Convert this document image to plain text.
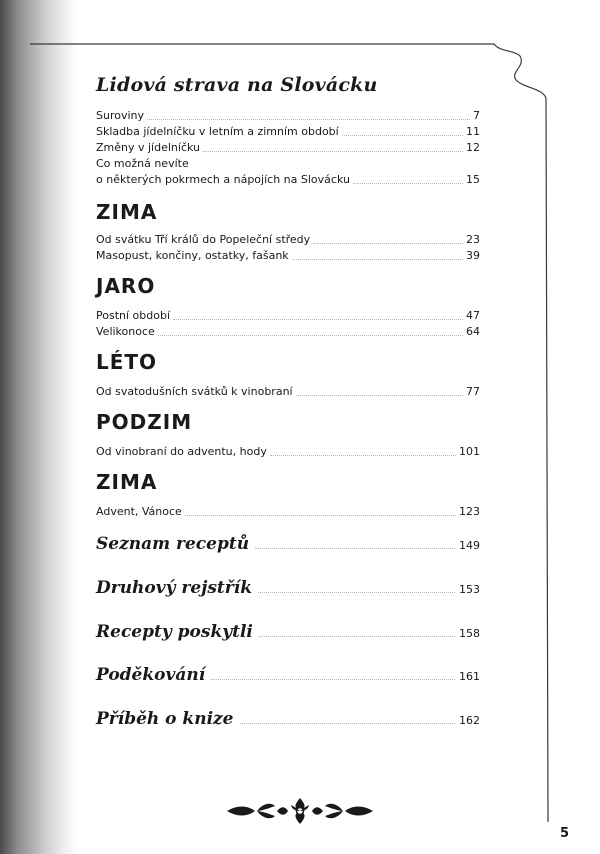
Lidová strava na Slovácku
Suroviny	7
Skladba jídelníčku v letním a zimním období	11
Změny v jídelníčku	12
Co možná nevíte
o některých pokrmech a nápojích na Slovácku	15
ZIMA
Od svátku Tří králů do Popeleční středy	23
Masopust, končiny, ostatky, fašank	39
JARO
Postní období	47
Velikonoce	64
LÉTO
Od svatodušních svátků k vinobraní	77
PODZIM
Od vinobraní do adventu, hody	101
ZIMA
Advent, Vánoce	123
Seznam receptů	149
Druhový rejstřík	153
Recepty poskytli	158
Poděkování	161
Příběh o knize	162
5
